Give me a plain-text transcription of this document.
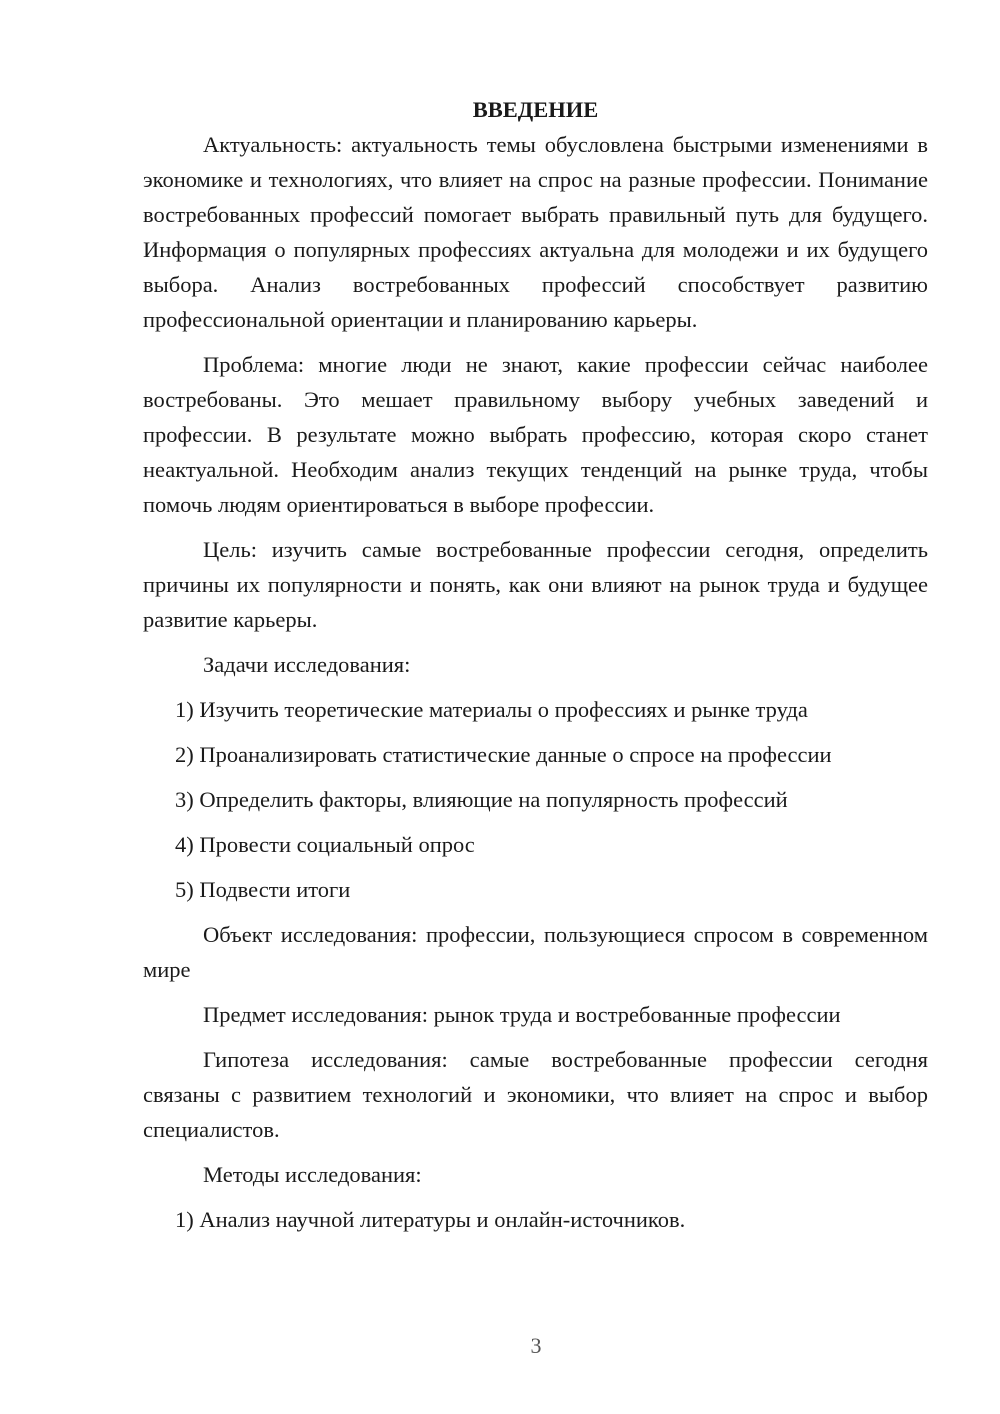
ВВЕДЕНИЕ

Актуальность: актуальность темы обусловлена быстрыми изменениями в экономике и технологиях, что влияет на спрос на разные профессии. Понимание востребованных профессий помогает выбрать правильный путь для будущего. Информация о популярных профессиях актуальна для молодежи и их будущего выбора. Анализ востребованных профессий способствует развитию профессиональной ориентации и планированию карьеры.

Проблема: многие люди не знают, какие профессии сейчас наиболее востребованы. Это мешает правильному выбору учебных заведений и профессии. В результате можно выбрать профессию, которая скоро станет неактуальной. Необходим анализ текущих тенденций на рынке труда, чтобы помочь людям ориентироваться в выборе профессии.

Цель: изучить самые востребованные профессии сегодня, определить причины их популярности и понять, как они влияют на рынок труда и будущее развитие карьеры.

Задачи исследования:

1) Изучить теоретические материалы о профессиях и рынке труда

2) Проанализировать статистические данные о спросе на профессии

3) Определить факторы, влияющие на популярность профессий

4) Провести социальный опрос

5) Подвести итоги

Объект исследования: профессии, пользующиеся спросом в современном мире

Предмет исследования: рынок труда и востребованные профессии

Гипотеза исследования: самые востребованные профессии сегодня связаны с развитием технологий и экономики, что влияет на спрос и выбор специалистов.

Методы исследования:

1) Анализ научной литературы и онлайн-источников.

3
